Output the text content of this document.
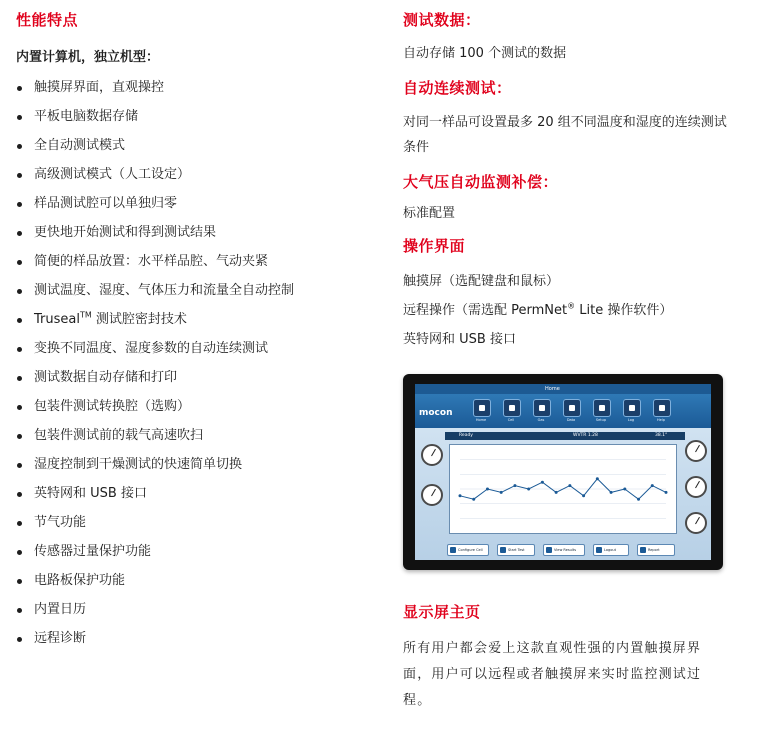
性能特点

内置计算机，独立机型：

触摸屏界面，直观操控
平板电脑数据存储
全自动测试模式
高级测试模式（人工设定）
样品测试腔可以单独归零
更快地开始测试和得到测试结果
简便的样品放置：水平样品腔、气动夹紧
测试温度、湿度、气体压力和流量全自动控制
Truseal™ 测试腔密封技术
变换不同温度、湿度参数的自动连续测试
测试数据自动存储和打印
包装件测试转换腔（选购）
包装件测试前的载气高速吹扫
湿度控制到干燥测试的快速简单切换
英特网和 USB 接口
节气功能
传感器过量保护功能
电路板保护功能
内置日历
远程诊断
测试数据：

自动存储 100 个测试的数据

自动连续测试：

对同一样品可设置最多 20 组不同温度和湿度的连续测试条件

大气压自动监测补偿：

标准配置

操作界面

触摸屏（选配键盘和鼠标）

远程操作（需选配 PermNet® Lite 操作软件）

英特网和 USB 接口

显示屏主页

所有用户都会爱上这款直观性强的内置触摸屏界面，用户可以远程或者触摸屏来实时监控测试过程。

Home
mocon
Home	Cell	Gas	Data	Setup	Log	Help
Ready	WVTR 1.28	38.1°
Configure Cell	Start Test	View Results	Logout	Report
